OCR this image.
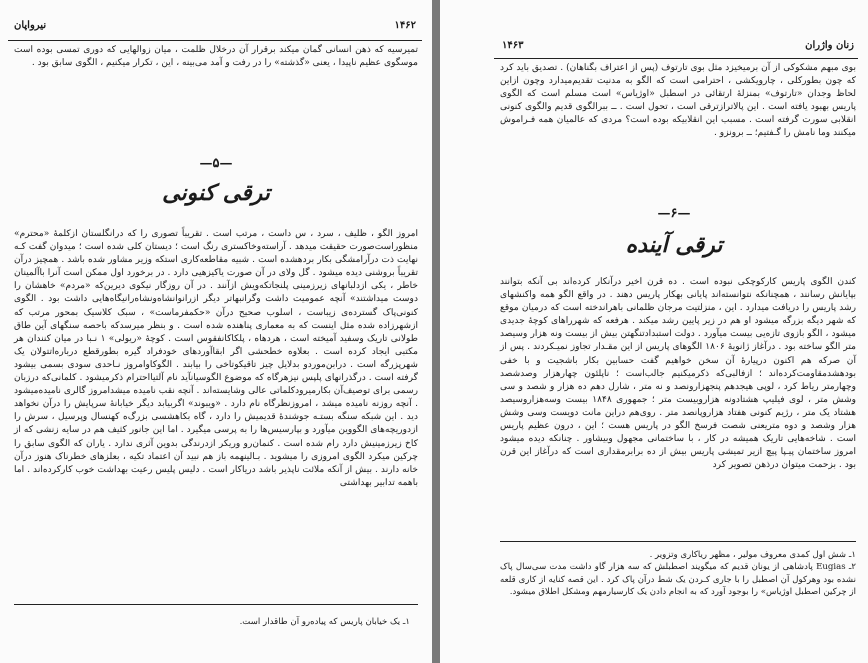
نیرواپان	۱۴۶۲

تمیرسیه که ذهن انسانی گمان میکند برقرار آن درخلال ظلمت ، میان زوالهایی که دوری تمسی بوده است موسگوی عظیم ناپیدا ، یعنی «گذشته» را در رفت و آمد می‌بینه ، این ، تکرار میکنیم ، الگوی سابق بود .

—۵—
ترقی کنونی

امروز الگو ، ظلیف ، سرد ، س داست ، مرتب است . تقریباً تصوری را که درانگلستان ازکلمهٔ «محترم» منظوراست‌صورت حقیقت میدهد . آراسته‌وخاکستری رنگ است ؛ دیستان کلی شده است ؛ میدوان گفت کـه نهایت ذت درآرامشگی بکار بردهشده است . شبیه مقاطعه‌کاری استکه وزیر مشاور شده باشد . همچیز درآن تقریباً بروشنی دیده میشود . گل ولای در آن صورت یاکیزهیی دارد . در برخورد اول ممکن است آنرا باآلمینان خاطر ، یکی ازدلبانهای زیرزمینی پلنجاتکه‌ویش ازآنند . در آن روزگار نیکوی دیرین‌که «مردم» خاهشان را دوست میداشتند» آنچه عمومیت داشت وگرانبهاتر دیگر ازرانوانشاه‌ونشاه‌رانیگاه‌هایی داشت بود . الگوی کنونی‌پاک گسترده‌ی زیباست ، اسلوب صحیح درآن «حکمفرماست» ، سبک کلاسیک بمحور مرتب که ازشهرزاده شده مثل اینست که به معماری پناهنده شده است . و بنظر میرسدکه باحصه سنگهای آین طاق طولانی تاریک وسفید آمیخته است ، هردهاه ، پلکاکانفقوس است . کوچهٔ «ریولی» ۱ نـبا در میان کنندان هر مکتبی ایجاد کرده است . بعلاوه خطحشی اگر ابقاآوردهای خودفراد گیره بطورقطع درباره‌اتتولان یک شهرپزرگه است . درابن‌موردو بدلایل چیز تاقیکوتاخی را بیابند . الگوکاوامروز نـاحدی سودی بسمی بیشود گرفته است . درگذرانهای پلپس نیزهرگاه که موضوع الگوسیانآید نام آلتیااحترام ذکرمیشود . کلمانی‌که درزبان رسمی برای توصیف‌آن بکارمیرودکلماتی عالی وشایسته‌اند . آنچه نقب نامیده میشدامروز گالری نامیده‌میشود . آنچه روزنه نامیده میشد ، امروز‌نظرگاه نام دارد . «ویبوند» اگربیابد دیگر خیابانهٔ سرپایش را درآن نخواهد دید . این شبکه سنگه بستـه جوشندهٔ قدیمیش را دارد ، گاه بکاهشسی بزرگ‌ه کهنسال وپرسیل ، سرش را ازدوریچه‌های الگووین میآورد و بپارسیس‌ها را به پرسی میگیرد . اما این جانور کثیف هم در سایه زنشی که از کاخ زیرزمینیش دارد رام شده است . کنمان‌رو وریکر ازدرندگی بدوین آثری ندارد . یاران که الگوی سابق را چرکین میکرد الگوی امروزی را میشوید . بـالینهمه باز هم نبید آن اعتماد تکیه ، بعلزهای خطرناک هنوز درآن خانه دارند . بیش از آنکه ملائت ناپذیر باشد دریاکار است . دلیس پلیس رعیت بهداشت خوب کارکرده‌اند . اما باهمه تدابیر بهداشتی

۱ـ یک خیابان پاریس که پیاده‌رو آن طاقدار است.

۱۴۶۳	زنان واژران

بوی مبهم مشکوکی از آن برمیخیزد مثل بوی تارتوف (پس از اعتراف بگناهان) . تصدیق باید کرد که چون بطورکلی ، چارویکشی ، احترامی است که الگو به مدنیت تقدیم‌میدارد وچون ازاین لحاظ وجدان «تارتوف» بمنزلهٔ ارتقائی در اسطبل «اوژیاس» است مسلم است که الگوی پاریس بهبود یافته است . این پالاترازترقی است ، تحول است . ــ ببرالگوی قدیم والگوی کنونی انقلابی سورت گرفته است . مسبب این انقلابیکه بوده است؟ مردی که عالمیان همه فـراموش میکنند وما نامش را گـفتیم؛ ــ برونزو .

—۶—
ترقی آینده

کندن الگوی پاریس کارکوچکی نبوده است . ده قرن اخیر درآنکار کرده‌اند بی آنکه بتوانند بپایانش رسانند ، همچنانکه نتوانسته‌اند پایانی بهکار پاریس دهند . در واقع الگو همه واکنشهای رشد پاریس را دریافت میدارد . این ، منزلتیت مرجان ظلمانی باهراندخته است که درمیان موقع که شهر دیگه بزرگه میشود او هم در زیر پایین رشد میکند . هرفعه که شهرراهای کوچهٔ جدیدی میشود ، الگو بازوی تازه‌یی بیست میآورد . دولت استبدادتنگهتن بیش از بیست ونه هزار وسیصد متر الگو ساخته بود . درآغاز ژانویهٔ ۱۸۰۶ الگوهای پاریس از این مقـدار تجاوز نمیـکردند . پس از آن صرکه هم اکنون درپیارهٔ آن سخن خواهیم گفت حسابین بکار باشجیت و با خفی بودهشدمقاومت‌کرده‌اند ؛ ازفالبی‌که ذکرمیکنیم جالب‌است ؛ ناپلئون چهارهزار وصدشصد وچهارمتر ریاط کرد ، لوپی هیجدهم پنجهزارونصد و نه متر ، شارل دهم ده هزار و شصد و سی وشش متر ، لوی فیلیپ هشتادونه هزاروبیست متر ؛ جمهوری ۱۸۴۸ بیست وسه‌هزاروسیصد هشتاد یک متر ، رژیم کنونی هفتاد هزاروپانصد متر . روی‌هم دراین مانت دویست وسی وشش هزار وشصد و دوه متر‌یعنی شصت فرسخ الگو در پاریس هست ؛ این ، درون عظیم پاریس است . شاخه‌هایی تاریک همیشه در کار ، با ساختمانی مجهول وبیشاور . چنانکه دیده میشود امروز ساختمان پیـپا پیچ ازیر تمیشی پاریس بیش از ده برابرمقداری است که درآغاز این قرن بود . بزحمت میتوان درذهن تصویر کرد

۱ـ شش اول کمدی معروف مولیر ، مظهر ریاکاری وتزویر .
۲ـ Eugias پادشاهی از یونان قدیم که میگویند اصطبلش که سه هزار گاو داشت مدت سی‌سال پاک نشده بود وهرکول آن اصطبل را با جاری کـردن یک شط درآن پاک کرد . این قصه کنایه از کاری قلعه از چرکین اصطبل اوژیاس» را بوجود آورد که به انجام دادن یک کارسیارمهم ومشکل اطلاق میشود.
